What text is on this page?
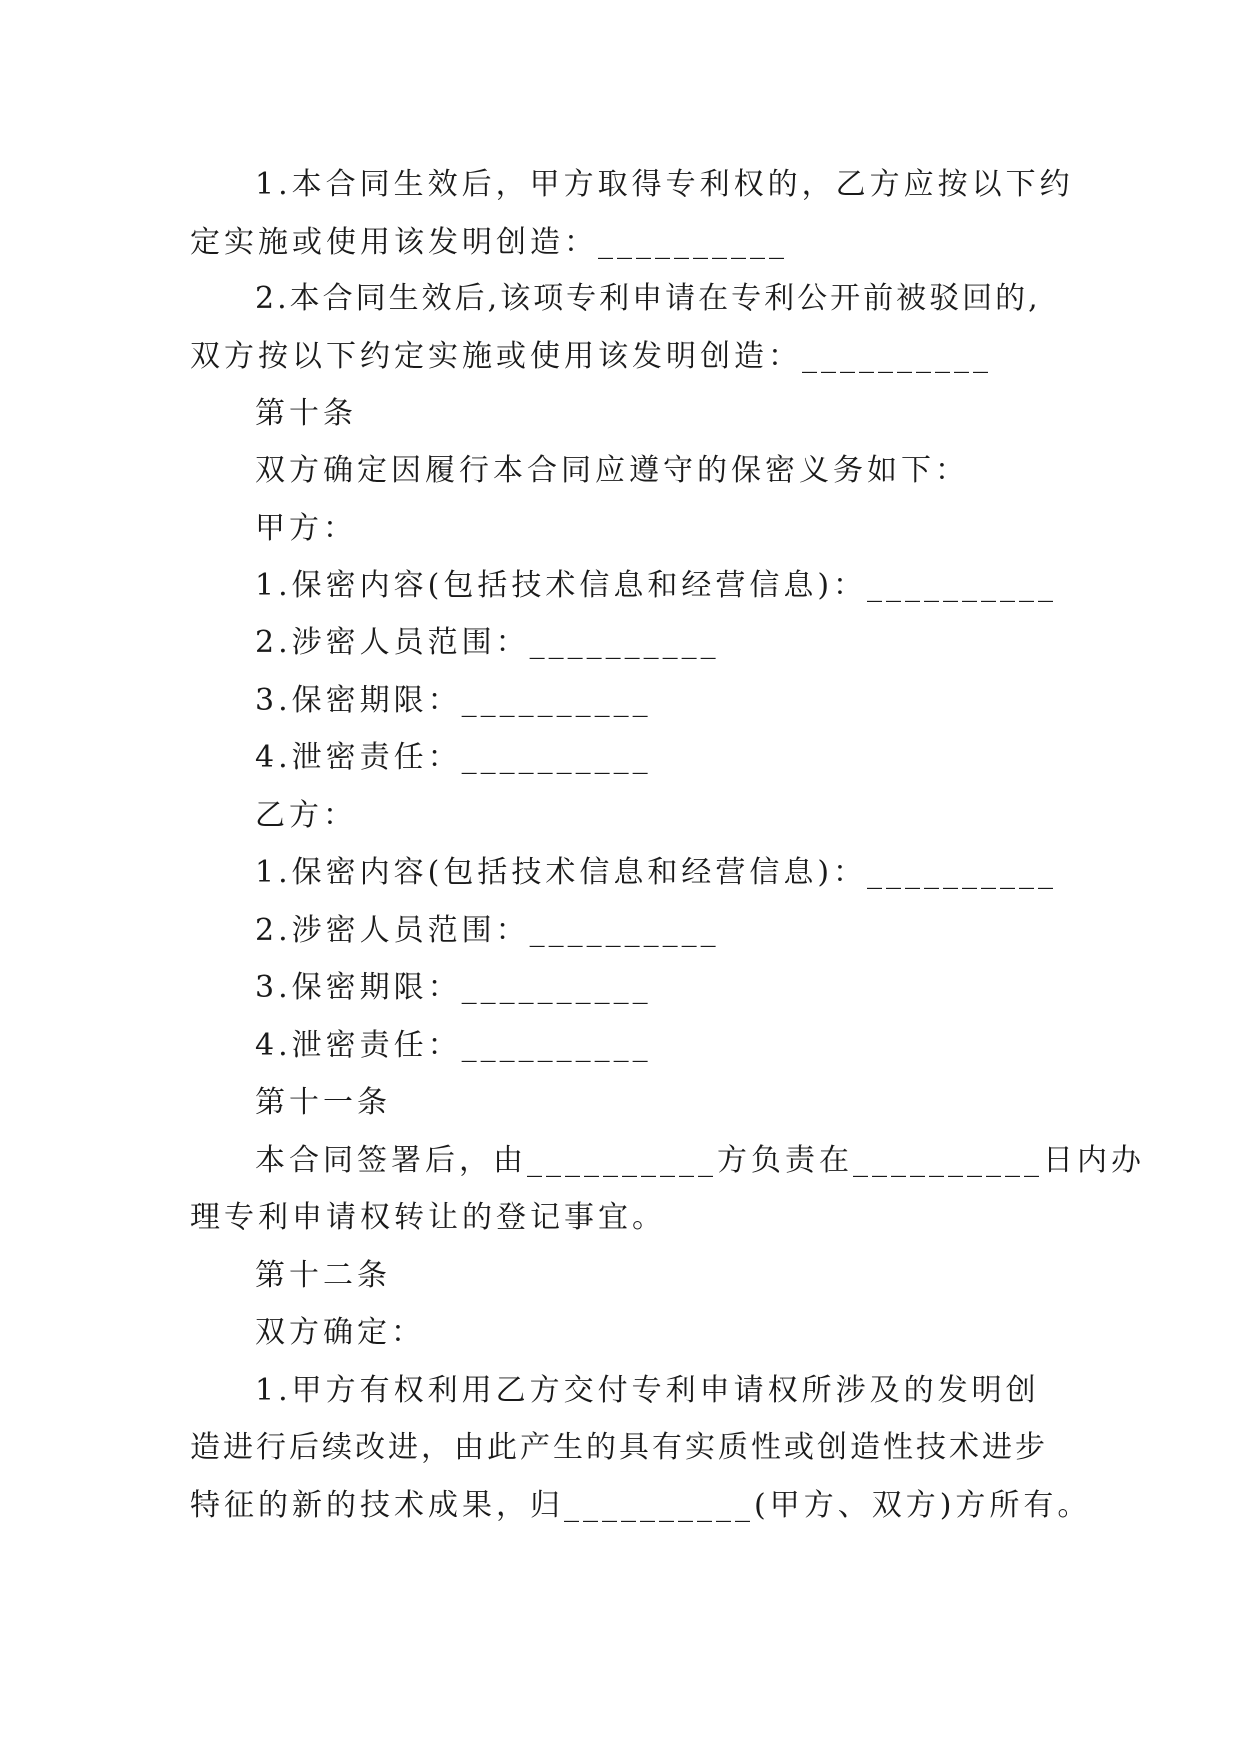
1.本合同生效后，甲方取得专利权的，乙方应按以下约
定实施或使用该发明创造：__________
2.本合同生效后,该项专利申请在专利公开前被驳回的,
双方按以下约定实施或使用该发明创造：__________
第十条
双方确定因履行本合同应遵守的保密义务如下：
甲方：
1.保密内容(包括技术信息和经营信息)：__________
2.涉密人员范围：__________
3.保密期限：__________
4.泄密责任：__________
乙方：
1.保密内容(包括技术信息和经营信息)：__________
2.涉密人员范围：__________
3.保密期限：__________
4.泄密责任：__________
第十一条
本合同签署后，由__________方负责在__________日内办
理专利申请权转让的登记事宜。
第十二条
双方确定：
1.甲方有权利用乙方交付专利申请权所涉及的发明创
造进行后续改进，由此产生的具有实质性或创造性技术进步
特征的新的技术成果，归__________(甲方、双方)方所有。
